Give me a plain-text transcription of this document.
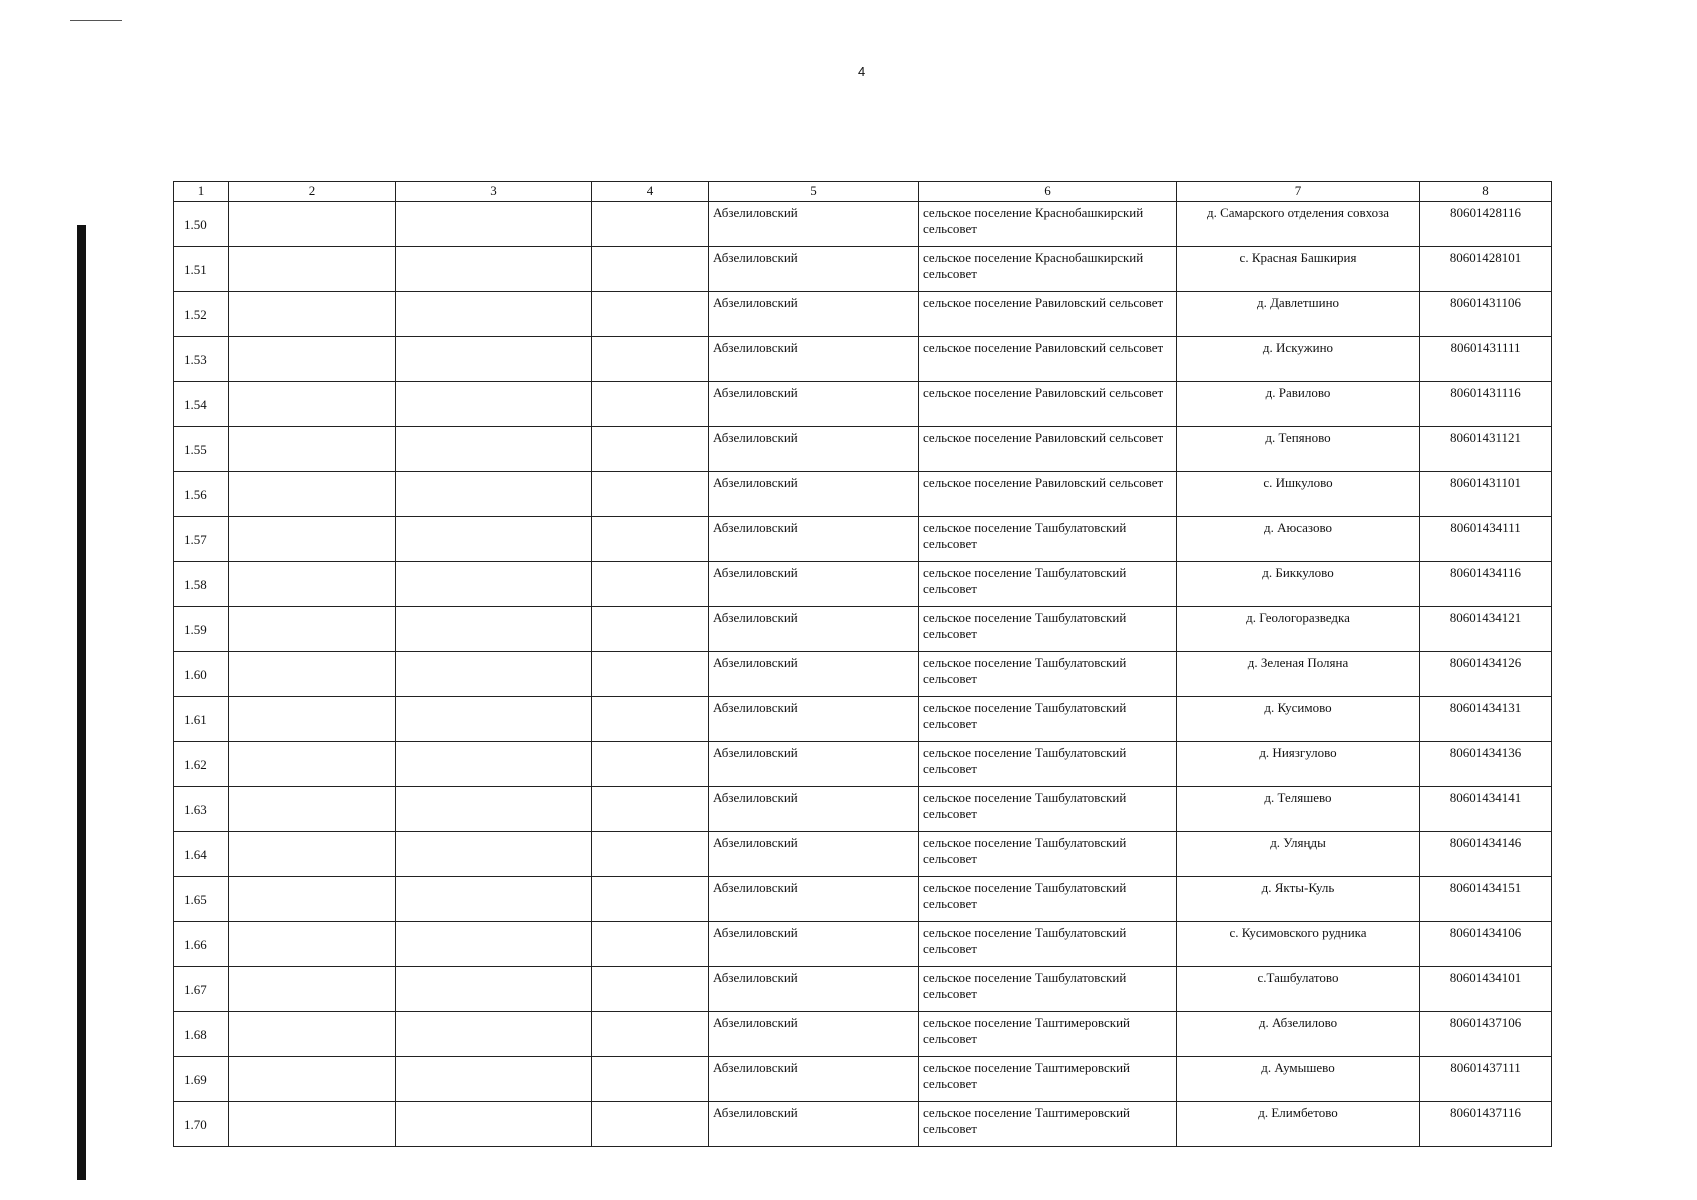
4
1	2	3	4	5	6	7	8
1.50				Абзелиловский	сельское поселение Краснобашкирский сельсовет	д. Самарского отделения совхоза	80601428116
1.51				Абзелиловский	сельское поселение Краснобашкирский сельсовет	с. Красная Башкирия	80601428101
1.52				Абзелиловский	сельское поселение Равиловский сельсовет	д. Давлетшино	80601431106
1.53				Абзелиловский	сельское поселение Равиловский сельсовет	д. Искужино	80601431111
1.54				Абзелиловский	сельское поселение Равиловский сельсовет	д. Равилово	80601431116
1.55				Абзелиловский	сельское поселение Равиловский сельсовет	д. Тепяново	80601431121
1.56				Абзелиловский	сельское поселение Равиловский сельсовет	с. Ишкулово	80601431101
1.57				Абзелиловский	сельское поселение Ташбулатовский сельсовет	д. Аюсазово	80601434111
1.58				Абзелиловский	сельское поселение Ташбулатовский сельсовет	д. Биккулово	80601434116
1.59				Абзелиловский	сельское поселение Ташбулатовский сельсовет	д. Геологоразведка	80601434121
1.60				Абзелиловский	сельское поселение Ташбулатовский сельсовет	д. Зеленая Поляна	80601434126
1.61				Абзелиловский	сельское поселение Ташбулатовский сельсовет	д. Кусимово	80601434131
1.62				Абзелиловский	сельское поселение Ташбулатовский сельсовет	д. Ниязгулово	80601434136
1.63				Абзелиловский	сельское поселение Ташбулатовский сельсовет	д. Теляшево	80601434141
1.64				Абзелиловский	сельское поселение Ташбулатовский сельсовет	д. Уляңды	80601434146
1.65				Абзелиловский	сельское поселение Ташбулатовский сельсовет	д. Якты-Куль	80601434151
1.66				Абзелиловский	сельское поселение Ташбулатовский сельсовет	с. Кусимовского рудника	80601434106
1.67				Абзелиловский	сельское поселение Ташбулатовский сельсовет	с.Ташбулатово	80601434101
1.68				Абзелиловский	сельское поселение Таштимеровский сельсовет	д. Абзелилово	80601437106
1.69				Абзелиловский	сельское поселение Таштимеровский сельсовет	д. Аумышево	80601437111
1.70				Абзелиловский	сельское поселение Таштимеровский сельсовет	д. Елимбетово	80601437116
